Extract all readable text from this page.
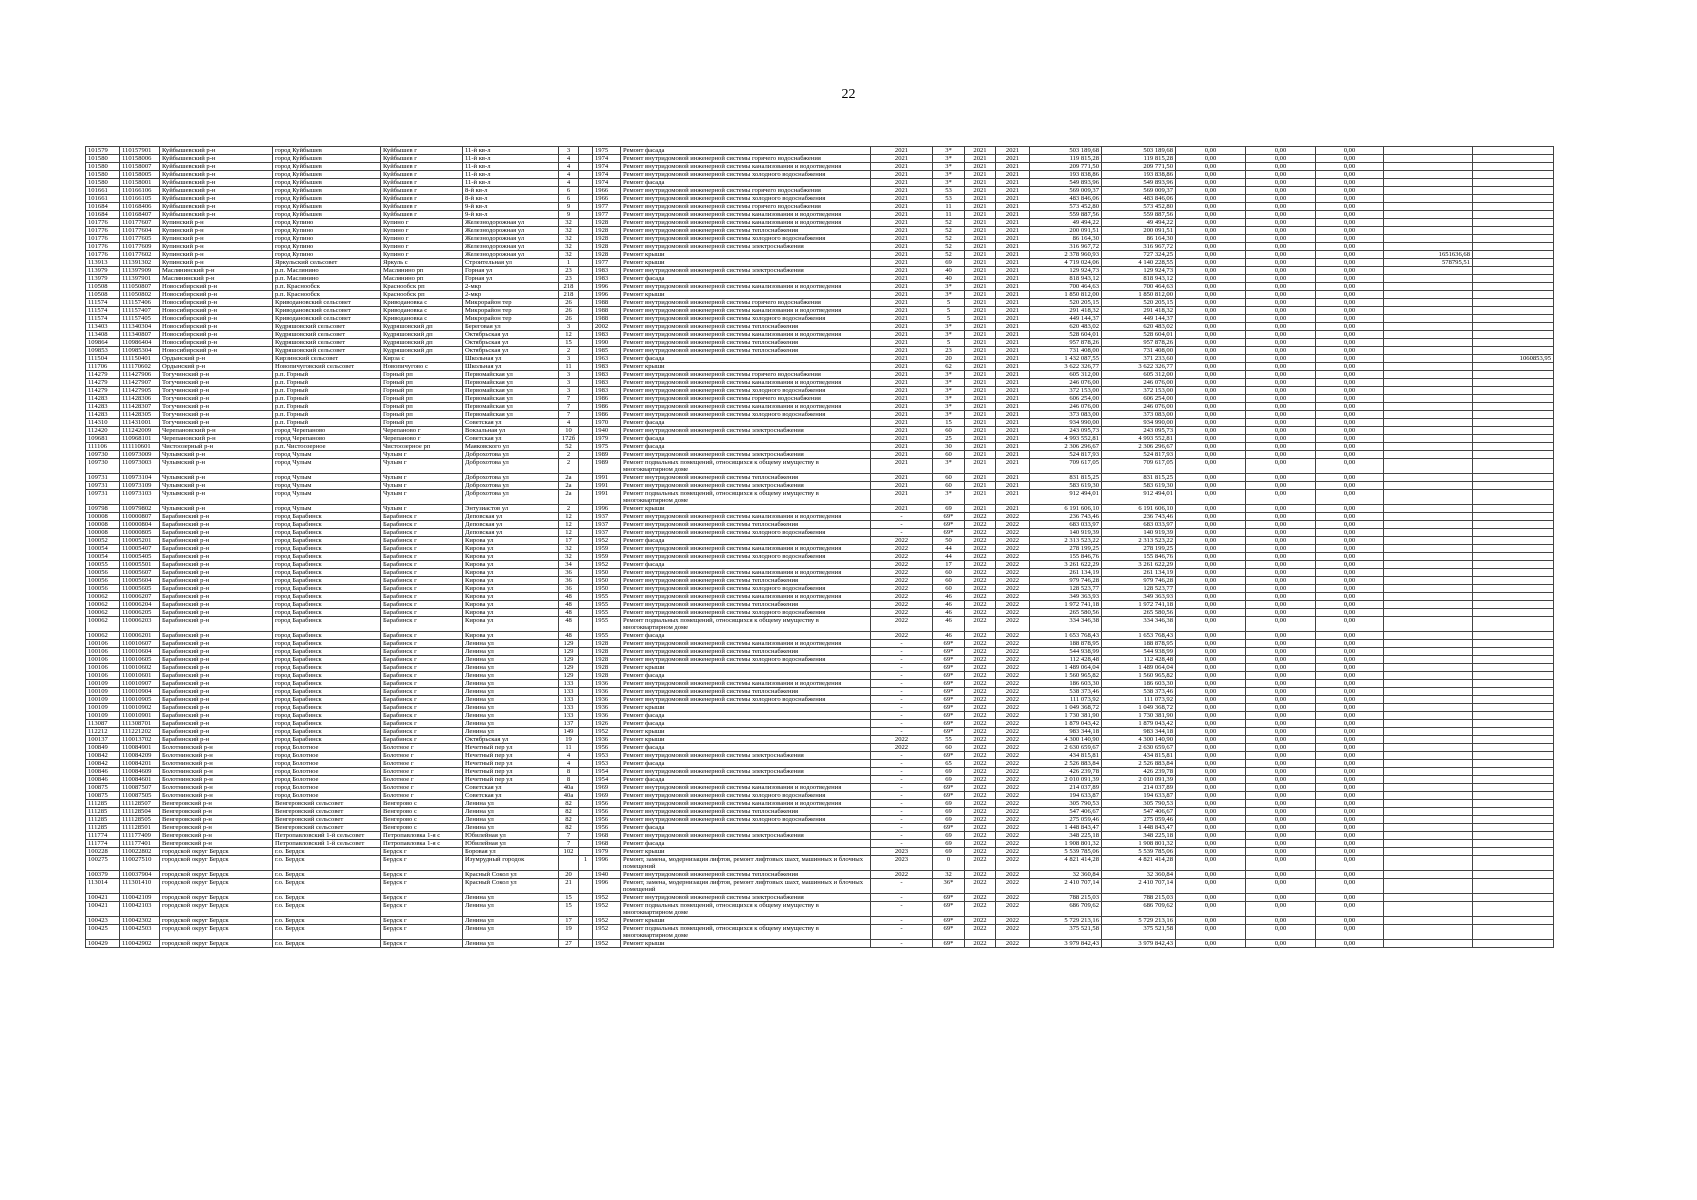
22
101579	110157901	Куйбышевский р-н	город Куйбышев	Куйбышев г	11-й кв-л	3		1975	Ремонт фасада	2021	3*	2021	2021	503 189,68	503 189,68	0,00	0,00	0,00		
101580	110158006	Куйбышевский р-н	город Куйбышев	Куйбышев г	11-й кв-л	4		1974	Ремонт внутридомовой инженерной системы горячего водоснабжения	2021	3*	2021	2021	119 815,28	119 815,28	0,00	0,00	0,00		
101580	110158007	Куйбышевский р-н	город Куйбышев	Куйбышев г	11-й кв-л	4		1974	Ремонт внутридомовой инженерной системы канализования и водоотведения	2021	3*	2021	2021	209 771,50	209 771,50	0,00	0,00	0,00		
101580	110158005	Куйбышевский р-н	город Куйбышев	Куйбышев г	11-й кв-л	4		1974	Ремонт внутридомовой инженерной системы холодного водоснабжения	2021	3*	2021	2021	193 838,86	193 838,86	0,00	0,00	0,00		
101580	110158001	Куйбышевский р-н	город Куйбышев	Куйбышев г	11-й кв-л	4		1974	Ремонт фасада	2021	3*	2021	2021	549 893,96	549 893,96	0,00	0,00	0,00		
101661	110166106	Куйбышевский р-н	город Куйбышев	Куйбышев г	8-й кв-л	6		1966	Ремонт внутридомовой инженерной системы горячего водоснабжения	2021	53	2021	2021	569 009,37	569 009,37	0,00	0,00	0,00		
101661	110166105	Куйбышевский р-н	город Куйбышев	Куйбышев г	8-й кв-л	6		1966	Ремонт внутридомовой инженерной системы холодного водоснабжения	2021	53	2021	2021	483 846,06	483 846,06	0,00	0,00	0,00		
101684	110168406	Куйбышевский р-н	город Куйбышев	Куйбышев г	9-й кв-л	9		1977	Ремонт внутридомовой инженерной системы горячего водоснабжения	2021	11	2021	2021	573 452,80	573 452,80	0,00	0,00	0,00		
101684	110168407	Куйбышевский р-н	город Куйбышев	Куйбышев г	9-й кв-л	9		1977	Ремонт внутридомовой инженерной системы канализования и водоотведения	2021	11	2021	2021	559 887,56	559 887,56	0,00	0,00	0,00		
101776	110177607	Купинский р-н	город Купино	Купино г	Железнодорожная ул	32		1928	Ремонт внутридомовой инженерной системы канализования и водоотведения	2021	52	2021	2021	49 494,22	49 494,22	0,00	0,00	0,00		
101776	110177604	Купинский р-н	город Купино	Купино г	Железнодорожная ул	32		1928	Ремонт внутридомовой инженерной системы теплоснабжения	2021	52	2021	2021	200 091,51	200 091,51	0,00	0,00	0,00		
101776	110177605	Купинский р-н	город Купино	Купино г	Железнодорожная ул	32		1928	Ремонт внутридомовой инженерной системы холодного водоснабжения	2021	52	2021	2021	86 164,30	86 164,30	0,00	0,00	0,00		
101776	110177609	Купинский р-н	город Купино	Купино г	Железнодорожная ул	32		1928	Ремонт внутридомовой инженерной системы электроснабжения	2021	52	2021	2021	316 967,72	316 967,72	0,00	0,00	0,00		
101776	110177602	Купинский р-н	город Купино	Купино г	Железнодорожная ул	32		1928	Ремонт крыши	2021	52	2021	2021	2 378 960,93	727 324,25	0,00	0,00	0,00	1651636,68	
113913	111391302	Купинский р-н	Яркульский сельсовет	Яркуль с	Строительная ул	1		1977	Ремонт крыши	2021	69	2021	2021	4 719 024,06	4 140 228,55	0,00	0,00	0,00	578795,51	
113979	111397909	Маслянинский р-н	р.п. Маслянино	Маслянино рп	Горная ул	23		1983	Ремонт внутридомовой инженерной системы электроснабжения	2021	40	2021	2021	129 924,73	129 924,73	0,00	0,00	0,00		
113979	111397901	Маслянинский р-н	р.п. Маслянино	Маслянино рп	Горная ул	23		1983	Ремонт фасада	2021	40	2021	2021	818 943,12	818 943,12	0,00	0,00	0,00		
110508	111050807	Новосибирский р-н	р.п. Краснообск	Краснообск рп	2-мкр	218		1996	Ремонт внутридомовой инженерной системы канализования и водоотведения	2021	3*	2021	2021	700 464,63	700 464,63	0,00	0,00	0,00		
110508	111050802	Новосибирский р-н	р.п. Краснообск	Краснообск рп	2-мкр	218		1996	Ремонт крыши	2021	3*	2021	2021	1 850 812,00	1 850 812,00	0,00	0,00	0,00		
111574	111157406	Новосибирский р-н	Криводановский сельсовет	Криводановка с	Микрорайон тер	26		1988	Ремонт внутридомовой инженерной системы горячего водоснабжения	2021	5	2021	2021	520 205,15	520 205,15	0,00	0,00	0,00		
111574	111157407	Новосибирский р-н	Криводановский сельсовет	Криводановка с	Микрорайон тер	26		1988	Ремонт внутридомовой инженерной системы канализования и водоотведения	2021	5	2021	2021	291 418,32	291 418,32	0,00	0,00	0,00		
111574	111157405	Новосибирский р-н	Криводановский сельсовет	Криводановка с	Микрорайон тер	26		1988	Ремонт внутридомовой инженерной системы холодного водоснабжения	2021	5	2021	2021	449 144,37	449 144,37	0,00	0,00	0,00		
113403	111340304	Новосибирский р-н	Кудряшовский сельсовет	Кудряшовский дп	Береговая ул	3		2002	Ремонт внутридомовой инженерной системы теплоснабжения	2021	3*	2021	2021	620 483,02	620 483,02	0,00	0,00	0,00		
113408	111340807	Новосибирский р-н	Кудряшовский сельсовет	Кудряшовский дп	Октябрьская ул	12		1983	Ремонт внутридомовой инженерной системы канализования и водоотведения	2021	3*	2021	2021	528 604,01	528 604,01	0,00	0,00	0,00		
109864	110986404	Новосибирский р-н	Кудряшовский сельсовет	Кудряшовский дп	Октябрьская ул	15		1990	Ремонт внутридомовой инженерной системы теплоснабжения	2021	5	2021	2021	957 878,26	957 878,26	0,00	0,00	0,00		
109853	110985304	Новосибирский р-н	Кудряшовский сельсовет	Кудряшовский дп	Октябрьская ул	2		1985	Ремонт внутридомовой инженерной системы теплоснабжения	2021	23	2021	2021	731 408,00	731 408,00	0,00	0,00	0,00		
111504	111150401	Ордынский р-н	Кирзинский сельсовет	Кирза с	Школьная ул	3		1963	Ремонт фасада	2021	20	2021	2021	1 432 087,55	371 233,60	0,00	0,00	0,00		1060853,95
111706	111170602	Ордынский р-н	Новопичуговский сельсовет	Новопичугово с	Школьная ул	11		1983	Ремонт крыши	2021	62	2021	2021	3 622 326,77	3 622 326,77	0,00	0,00	0,00		
114279	111427906	Тогучинский р-н	р.п. Горный	Горный рп	Первомайская ул	3		1983	Ремонт внутридомовой инженерной системы горячего водоснабжения	2021	3*	2021	2021	605 312,00	605 312,00	0,00	0,00	0,00		
114279	111427907	Тогучинский р-н	р.п. Горный	Горный рп	Первомайская ул	3		1983	Ремонт внутридомовой инженерной системы канализования и водоотведения	2021	3*	2021	2021	246 076,00	246 076,00	0,00	0,00	0,00		
114279	111427905	Тогучинский р-н	р.п. Горный	Горный рп	Первомайская ул	3		1983	Ремонт внутридомовой инженерной системы холодного водоснабжения	2021	3*	2021	2021	372 153,00	372 153,00	0,00	0,00	0,00		
114283	111428306	Тогучинский р-н	р.п. Горный	Горный рп	Первомайская ул	7		1986	Ремонт внутридомовой инженерной системы горячего водоснабжения	2021	3*	2021	2021	606 254,00	606 254,00	0,00	0,00	0,00		
114283	111428307	Тогучинский р-н	р.п. Горный	Горный рп	Первомайская ул	7		1986	Ремонт внутридомовой инженерной системы канализования и водоотведения	2021	3*	2021	2021	246 076,00	246 076,00	0,00	0,00	0,00		
114283	111428305	Тогучинский р-н	р.п. Горный	Горный рп	Первомайская ул	7		1986	Ремонт внутридомовой инженерной системы холодного водоснабжения	2021	3*	2021	2021	373 083,00	373 083,00	0,00	0,00	0,00		
114310	111431001	Тогучинский р-н	р.п. Горный	Горный рп	Советская ул	4		1970	Ремонт фасада	2021	15	2021	2021	934 990,00	934 990,00	0,00	0,00	0,00		
112420	111242009	Черепановский р-н	город Черепаново	Черепаново г	Вокзальная ул	10		1940	Ремонт внутридомовой инженерной системы электроснабжения	2021	60	2021	2021	243 095,73	243 095,73	0,00	0,00	0,00		
109681	110968101	Черепановский р-н	город Черепаново	Черепаново г	Советская ул	172б		1979	Ремонт фасада	2021	25	2021	2021	4 993 552,81	4 993 552,81	0,00	0,00	0,00		
111106	111110601	Чистоозерный р-н	р.п. Чистоозерное	Чистоозерное рп	Маяковского ул	52		1975	Ремонт фасада	2021	30	2021	2021	2 306 296,67	2 306 296,67	0,00	0,00	0,00		
109730	110973009	Чулымский р-н	город Чулым	Чулым г	Доброхотова ул	2		1989	Ремонт внутридомовой инженерной системы электроснабжения	2021	60	2021	2021	524 817,93	524 817,93	0,00	0,00	0,00		
109730	110973003	Чулымский р-н	город Чулым	Чулым г	Доброхотова ул	2		1989	Ремонт подвальных помещений, относящихся к общему имуществу в многоквартирном доме	2021	3*	2021	2021	709 617,05	709 617,05	0,00	0,00	0,00		
109731	110973104	Чулымский р-н	город Чулым	Чулым г	Доброхотова ул	2а		1991	Ремонт внутридомовой инженерной системы теплоснабжения	2021	60	2021	2021	831 815,25	831 815,25	0,00	0,00	0,00		
109731	110973109	Чулымский р-н	город Чулым	Чулым г	Доброхотова ул	2а		1991	Ремонт внутридомовой инженерной системы электроснабжения	2021	60	2021	2021	583 619,30	583 619,30	0,00	0,00	0,00		
109731	110973103	Чулымский р-н	город Чулым	Чулым г	Доброхотова ул	2а		1991	Ремонт подвальных помещений, относящихся к общему имуществу в многоквартирном доме	2021	3*	2021	2021	912 494,01	912 494,01	0,00	0,00	0,00		
109798	110979802	Чулымский р-н	город Чулым	Чулым г	Энтузиастов ул	2		1996	Ремонт крыши	2021	69	2021	2021	6 191 606,10	6 191 606,10	0,00	0,00	0,00		
100008	110000807	Барабинский р-н	город Барабинск	Барабинск г	Деповская ул	12		1937	Ремонт внутридомовой инженерной системы канализования и водоотведения	-	69*	2022	2022	236 743,46	236 743,46	0,00	0,00	0,00		
100008	110000804	Барабинский р-н	город Барабинск	Барабинск г	Деповская ул	12		1937	Ремонт внутридомовой инженерной системы теплоснабжения	-	69*	2022	2022	683 033,97	683 033,97	0,00	0,00	0,00		
100008	110000805	Барабинский р-н	город Барабинск	Барабинск г	Деповская ул	12		1937	Ремонт внутридомовой инженерной системы холодного водоснабжения	-	69*	2022	2022	140 919,39	140 919,39	0,00	0,00	0,00		
100052	110005201	Барабинский р-н	город Барабинск	Барабинск г	Кирова ул	17		1952	Ремонт фасада	2022	50	2022	2022	2 313 523,22	2 313 523,22	0,00	0,00	0,00		
100054	110005407	Барабинский р-н	город Барабинск	Барабинск г	Кирова ул	32		1959	Ремонт внутридомовой инженерной системы канализования и водоотведения	2022	44	2022	2022	278 199,25	278 199,25	0,00	0,00	0,00		
100054	110005405	Барабинский р-н	город Барабинск	Барабинск г	Кирова ул	32		1959	Ремонт внутридомовой инженерной системы холодного водоснабжения	2022	44	2022	2022	155 846,76	155 846,76	0,00	0,00	0,00		
100055	110005501	Барабинский р-н	город Барабинск	Барабинск г	Кирова ул	34		1952	Ремонт фасада	2022	17	2022	2022	3 261 622,29	3 261 622,29	0,00	0,00	0,00		
100056	110005607	Барабинский р-н	город Барабинск	Барабинск г	Кирова ул	36		1950	Ремонт внутридомовой инженерной системы канализования и водоотведения	2022	60	2022	2022	261 134,19	261 134,19	0,00	0,00	0,00		
100056	110005604	Барабинский р-н	город Барабинск	Барабинск г	Кирова ул	36		1950	Ремонт внутридомовой инженерной системы теплоснабжения	2022	60	2022	2022	979 746,28	979 746,28	0,00	0,00	0,00		
100056	110005605	Барабинский р-н	город Барабинск	Барабинск г	Кирова ул	36		1950	Ремонт внутридомовой инженерной системы холодного водоснабжения	2022	60	2022	2022	128 523,77	128 523,77	0,00	0,00	0,00		
100062	110006207	Барабинский р-н	город Барабинск	Барабинск г	Кирова ул	48		1955	Ремонт внутридомовой инженерной системы канализования и водоотведения	2022	46	2022	2022	349 363,93	349 363,93	0,00	0,00	0,00		
100062	110006204	Барабинский р-н	город Барабинск	Барабинск г	Кирова ул	48		1955	Ремонт внутридомовой инженерной системы теплоснабжения	2022	46	2022	2022	1 972 741,18	1 972 741,18	0,00	0,00	0,00		
100062	110006205	Барабинский р-н	город Барабинск	Барабинск г	Кирова ул	48		1955	Ремонт внутридомовой инженерной системы холодного водоснабжения	2022	46	2022	2022	265 580,56	265 580,56	0,00	0,00	0,00		
100062	110006203	Барабинский р-н	город Барабинск	Барабинск г	Кирова ул	48		1955	Ремонт подвальных помещений, относящихся к общему имуществу в многоквартирном доме	2022	46	2022	2022	334 346,38	334 346,38	0,00	0,00	0,00		
100062	110006201	Барабинский р-н	город Барабинск	Барабинск г	Кирова ул	48		1955	Ремонт фасада	2022	46	2022	2022	1 653 768,43	1 653 768,43	0,00	0,00	0,00		
100106	110010607	Барабинский р-н	город Барабинск	Барабинск г	Ленина ул	129		1928	Ремонт внутридомовой инженерной системы канализования и водоотведения	-	69*	2022	2022	188 878,95	188 878,95	0,00	0,00	0,00		
100106	110010604	Барабинский р-н	город Барабинск	Барабинск г	Ленина ул	129		1928	Ремонт внутридомовой инженерной системы теплоснабжения	-	69*	2022	2022	544 938,99	544 938,99	0,00	0,00	0,00		
100106	110010605	Барабинский р-н	город Барабинск	Барабинск г	Ленина ул	129		1928	Ремонт внутридомовой инженерной системы холодного водоснабжения	-	69*	2022	2022	112 428,48	112 428,48	0,00	0,00	0,00		
100106	110010602	Барабинский р-н	город Барабинск	Барабинск г	Ленина ул	129		1928	Ремонт крыши	-	69*	2022	2022	1 489 064,04	1 489 064,04	0,00	0,00	0,00		
100106	110010601	Барабинский р-н	город Барабинск	Барабинск г	Ленина ул	129		1928	Ремонт фасада	-	69*	2022	2022	1 560 965,82	1 560 965,82	0,00	0,00	0,00		
100109	110010907	Барабинский р-н	город Барабинск	Барабинск г	Ленина ул	133		1936	Ремонт внутридомовой инженерной системы канализования и водоотведения	-	69*	2022	2022	186 603,30	186 603,30	0,00	0,00	0,00		
100109	110010904	Барабинский р-н	город Барабинск	Барабинск г	Ленина ул	133		1936	Ремонт внутридомовой инженерной системы теплоснабжения	-	69*	2022	2022	538 373,46	538 373,46	0,00	0,00	0,00		
100109	110010905	Барабинский р-н	город Барабинск	Барабинск г	Ленина ул	133		1936	Ремонт внутридомовой инженерной системы холодного водоснабжения	-	69*	2022	2022	111 073,92	111 073,92	0,00	0,00	0,00		
100109	110010902	Барабинский р-н	город Барабинск	Барабинск г	Ленина ул	133		1936	Ремонт крыши	-	69*	2022	2022	1 049 368,72	1 049 368,72	0,00	0,00	0,00		
100109	110010901	Барабинский р-н	город Барабинск	Барабинск г	Ленина ул	133		1936	Ремонт фасада	-	69*	2022	2022	1 730 381,90	1 730 381,90	0,00	0,00	0,00		
113087	111308701	Барабинский р-н	город Барабинск	Барабинск г	Ленина ул	137		1926	Ремонт фасада	-	69*	2022	2022	1 879 043,42	1 879 043,42	0,00	0,00	0,00		
112212	111221202	Барабинский р-н	город Барабинск	Барабинск г	Ленина ул	149		1952	Ремонт крыши	-	69*	2022	2022	983 344,18	983 344,18	0,00	0,00	0,00		
100137	110013702	Барабинский р-н	город Барабинск	Барабинск г	Октябрьская ул	19		1936	Ремонт крыши	2022	55	2022	2022	4 300 140,90	4 300 140,90	0,00	0,00	0,00		
100849	110084901	Болотнинский р-н	город Болотное	Болотное г	Нечетный пер ул	11		1956	Ремонт фасада	2022	60	2022	2022	2 630 659,67	2 630 659,67	0,00	0,00	0,00		
100842	110084209	Болотнинский р-н	город Болотное	Болотное г	Нечетный пер ул	4		1953	Ремонт внутридомовой инженерной системы электроснабжения	-	69*	2022	2022	434 815,81	434 815,81	0,00	0,00	0,00		
100842	110084201	Болотнинский р-н	город Болотное	Болотное г	Нечетный пер ул	4		1953	Ремонт фасада	-	65	2022	2022	2 526 883,84	2 526 883,84	0,00	0,00	0,00		
100846	110084609	Болотнинский р-н	город Болотное	Болотное г	Нечетный пер ул	8		1954	Ремонт внутридомовой инженерной системы электроснабжения	-	69	2022	2022	426 239,78	426 239,78	0,00	0,00	0,00		
100846	110084601	Болотнинский р-н	город Болотное	Болотное г	Нечетный пер ул	8		1954	Ремонт фасада	-	69	2022	2022	2 010 091,39	2 010 091,39	0,00	0,00	0,00		
100875	110087507	Болотнинский р-н	город Болотное	Болотное г	Советская ул	40а		1969	Ремонт внутридомовой инженерной системы канализования и водоотведения	-	69*	2022	2022	214 037,89	214 037,89	0,00	0,00	0,00		
100875	110087505	Болотнинский р-н	город Болотное	Болотное г	Советская ул	40а		1969	Ремонт внутридомовой инженерной системы холодного водоснабжения	-	69*	2022	2022	194 633,87	194 633,87	0,00	0,00	0,00		
111285	111128507	Венгеровский р-н	Венгеровский сельсовет	Венгерово с	Ленина ул	82		1956	Ремонт внутридомовой инженерной системы канализования и водоотведения	-	69	2022	2022	305 790,53	305 790,53	0,00	0,00	0,00		
111285	111128504	Венгеровский р-н	Венгеровский сельсовет	Венгерово с	Ленина ул	82		1956	Ремонт внутридомовой инженерной системы теплоснабжения	-	69	2022	2022	547 406,67	547 406,67	0,00	0,00	0,00		
111285	111128505	Венгеровский р-н	Венгеровский сельсовет	Венгерово с	Ленина ул	82		1956	Ремонт внутридомовой инженерной системы холодного водоснабжения	-	69	2022	2022	275 059,46	275 059,46	0,00	0,00	0,00		
111285	111128501	Венгеровский р-н	Венгеровский сельсовет	Венгерово с	Ленина ул	82		1956	Ремонт фасада	-	69*	2022	2022	1 448 843,47	1 448 843,47	0,00	0,00	0,00		
111774	111177409	Венгеровский р-н	Петропавловский 1-й сельсовет	Петропавловка 1-я с	Юбилейная ул	7		1968	Ремонт внутридомовой инженерной системы электроснабжения	-	69	2022	2022	348 225,18	348 225,18	0,00	0,00	0,00		
111774	111177401	Венгеровский р-н	Петропавловский 1-й сельсовет	Петропавловка 1-я с	Юбилейная ул	7		1968	Ремонт фасада	-	69	2022	2022	1 908 801,32	1 908 801,32	0,00	0,00	0,00		
100228	110022802	городской округ Бердск	г.о. Бердск	Бердск г	Боровая ул	102		1979	Ремонт крыши	2023	69	2022	2022	5 539 785,06	5 539 785,06	0,00	0,00	0,00		
100275	110027510	городской округ Бердск	г.о. Бердск	Бердск г	Изумрудный городок		1	1996	Ремонт, замена, модернизация лифтов, ремонт лифтовых шахт, машинных и блочных помещений	2023	0	2022	2022	4 821 414,28	4 821 414,28	0,00	0,00	0,00		
100379	110037904	городской округ Бердск	г.о. Бердск	Бердск г	Красный Сокол ул	20		1940	Ремонт внутридомовой инженерной системы теплоснабжения	2022	32	2022	2022	32 360,84	32 360,84	0,00	0,00	0,00		
113014	111301410	городской округ Бердск	г.о. Бердск	Бердск г	Красный Сокол ул	21		1996	Ремонт, замена, модернизация лифтов, ремонт лифтовых шахт, машинных и блочных помещений	-	36*	2022	2022	2 410 707,14	2 410 707,14	0,00	0,00	0,00		
100421	110042109	городской округ Бердск	г.о. Бердск	Бердск г	Ленина ул	15		1952	Ремонт внутридомовой инженерной системы электроснабжения	-	69*	2022	2022	788 215,03	788 215,03	0,00	0,00	0,00		
100421	110042103	городской округ Бердск	г.о. Бердск	Бердск г	Ленина ул	15		1952	Ремонт подвальных помещений, относящихся к общему имуществу в многоквартирном доме	-	69*	2022	2022	686 709,62	686 709,62	0,00	0,00	0,00		
100423	110042302	городской округ Бердск	г.о. Бердск	Бердск г	Ленина ул	17		1952	Ремонт крыши	-	69*	2022	2022	5 729 213,16	5 729 213,16	0,00	0,00	0,00		
100425	110042503	городской округ Бердск	г.о. Бердск	Бердск г	Ленина ул	19		1952	Ремонт подвальных помещений, относящихся к общему имуществу в многоквартирном доме	-	69*	2022	2022	375 521,58	375 521,58	0,00	0,00	0,00		
100429	110042902	городской округ Бердск	г.о. Бердск	Бердск г	Ленина ул	27		1952	Ремонт крыши	-	69*	2022	2022	3 979 842,43	3 979 842,43	0,00	0,00	0,00		
